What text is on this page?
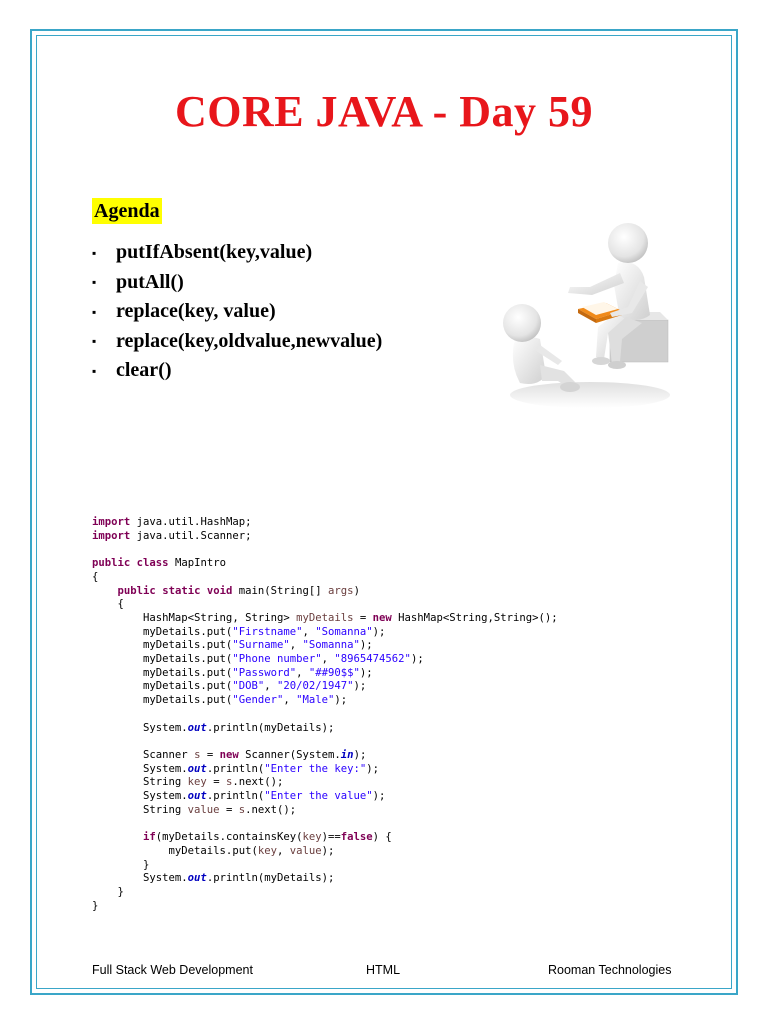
CORE JAVA - Day 59
Agenda
▪ putIfAbsent(key,value)
▪ putAll()
▪ replace(key, value)
▪ replace(key,oldvalue,newvalue)
▪ clear()
import java.util.HashMap;
import java.util.Scanner;

public class MapIntro
{
public static void main(String[] args)
{
HashMap<String, String> myDetails = new HashMap<String,String>();
myDetails.put("Firstname", "Somanna");
myDetails.put("Surname", "Somanna");
myDetails.put("Phone number", "8965474562");
myDetails.put("Password", "##90$$");
myDetails.put("DOB", "20/02/1947");
myDetails.put("Gender", "Male");

System.out.println(myDetails);

Scanner s = new Scanner(System.in);
System.out.println("Enter the key:");
String key = s.next();
System.out.println("Enter the value");
String value = s.next();

if(myDetails.containsKey(key)==false) {
myDetails.put(key, value);
}
System.out.println(myDetails);
}
}
Full Stack Web Development	HTML	Rooman Technologies
